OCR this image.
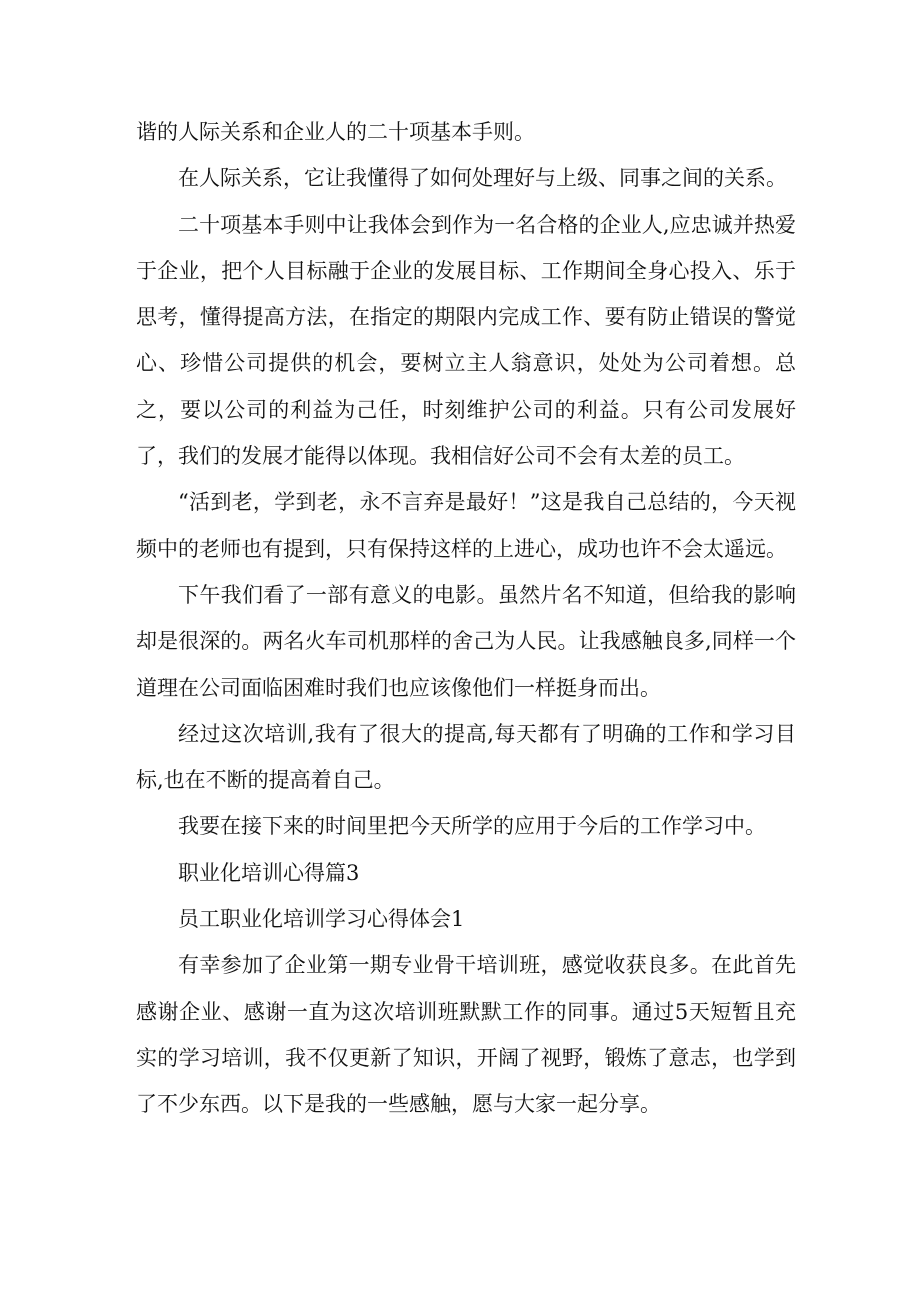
谐的人际关系和企业人的二十项基本手则。

在人际关系，它让我懂得了如何处理好与上级、同事之间的关系。

二十项基本手则中让我体会到作为一名合格的企业人,应忠诚并热爱于企业，把个人目标融于企业的发展目标、工作期间全身心投入、乐于思考，懂得提高方法，在指定的期限内完成工作、要有防止错误的警觉心、珍惜公司提供的机会，要树立主人翁意识，处处为公司着想。总之，要以公司的利益为己任，时刻维护公司的利益。只有公司发展好了，我们的发展才能得以体现。我相信好公司不会有太差的员工。

“活到老，学到老，永不言弃是最好！”这是我自己总结的，今天视频中的老师也有提到，只有保持这样的上进心，成功也许不会太遥远。

下午我们看了一部有意义的电影。虽然片名不知道，但给我的影响却是很深的。两名火车司机那样的舍己为人民。让我感触良多,同样一个道理在公司面临困难时我们也应该像他们一样挺身而出。

经过这次培训,我有了很大的提高,每天都有了明确的工作和学习目标,也在不断的提高着自己。

我要在接下来的时间里把今天所学的应用于今后的工作学习中。

职业化培训心得篇3

员工职业化培训学习心得体会1

有幸参加了企业第一期专业骨干培训班，感觉收获良多。在此首先感谢企业、感谢一直为这次培训班默默工作的同事。通过5天短暂且充实的学习培训，我不仅更新了知识，开阔了视野，锻炼了意志，也学到了不少东西。以下是我的一些感触，愿与大家一起分享。
